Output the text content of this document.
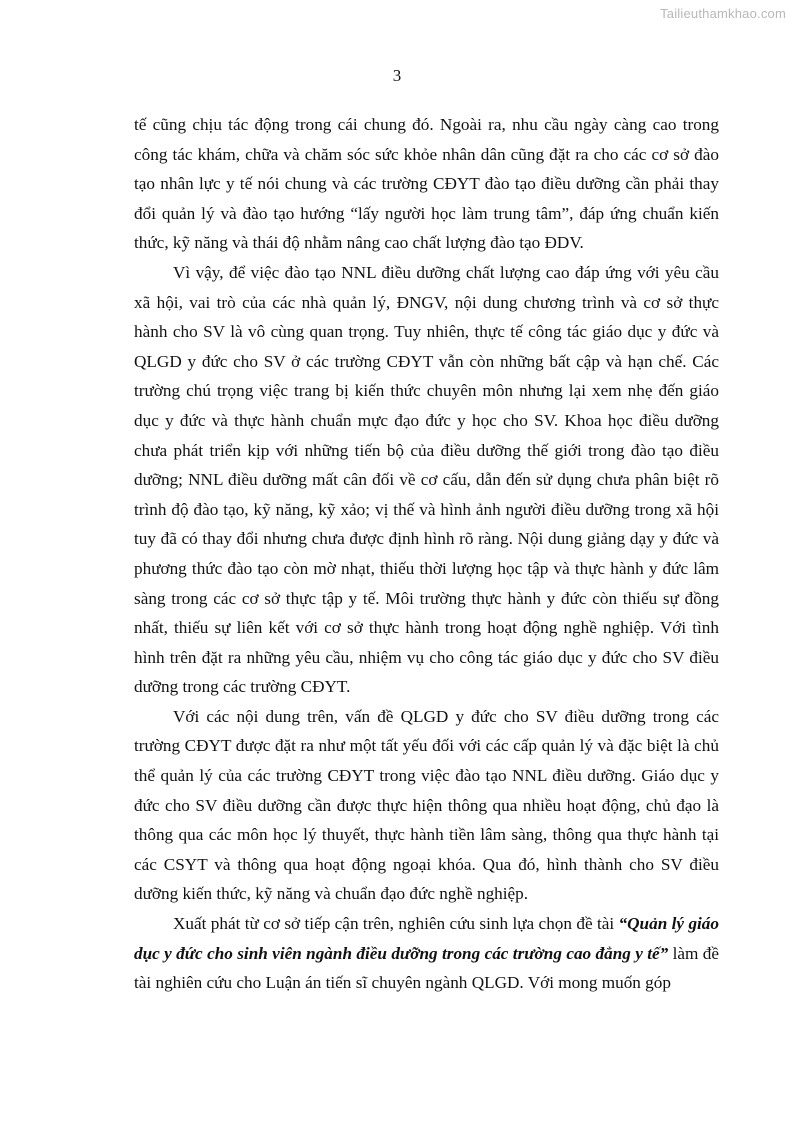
Tailieuthamkhao.com
3

tế cũng chịu tác động trong cái chung đó. Ngoài ra, nhu cầu ngày càng cao trong công tác khám, chữa và chăm sóc sức khỏe nhân dân cũng đặt ra cho các cơ sở đào tạo nhân lực y tế nói chung và các trường CĐYT đào tạo điều dưỡng cần phải thay đổi quản lý và đào tạo hướng “lấy người học làm trung tâm”, đáp ứng chuẩn kiến thức, kỹ năng và thái độ nhằm nâng cao chất lượng đào tạo ĐDV.

Vì vậy, để việc đào tạo NNL điều dưỡng chất lượng cao đáp ứng với yêu cầu xã hội, vai trò của các nhà quản lý, ĐNGV, nội dung chương trình và cơ sở thực hành cho SV là vô cùng quan trọng. Tuy nhiên, thực tế công tác giáo dục y đức và QLGD y đức cho SV ở các trường CĐYT vẫn còn những bất cập và hạn chế. Các trường chú trọng việc trang bị kiến thức chuyên môn nhưng lại xem nhẹ đến giáo dục y đức và thực hành chuẩn mực đạo đức y học cho SV. Khoa học điều dưỡng chưa phát triển kịp với những tiến bộ của điều dưỡng thế giới trong đào tạo điều dưỡng; NNL điều dưỡng mất cân đối về cơ cấu, dẫn đến sử dụng chưa phân biệt rõ trình độ đào tạo, kỹ năng, kỹ xảo; vị thế và hình ảnh người điều dưỡng trong xã hội tuy đã có thay đổi nhưng chưa được định hình rõ ràng. Nội dung giảng dạy y đức và phương thức đào tạo còn mờ nhạt, thiếu thời lượng học tập và thực hành y đức lâm sàng trong các cơ sở thực tập y tế. Môi trường thực hành y đức còn thiếu sự đồng nhất, thiếu sự liên kết với cơ sở thực hành trong hoạt động nghề nghiệp. Với tình hình trên đặt ra những yêu cầu, nhiệm vụ cho công tác giáo dục y đức cho SV điều dưỡng trong các trường CĐYT.

Với các nội dung trên, vấn đề QLGD y đức cho SV điều dưỡng trong các trường CĐYT được đặt ra như một tất yếu đối với các cấp quản lý và đặc biệt là chủ thể quản lý của các trường CĐYT trong việc đào tạo NNL điều dưỡng. Giáo dục y đức cho SV điều dưỡng cần được thực hiện thông qua nhiều hoạt động, chủ đạo là thông qua các môn học lý thuyết, thực hành tiền lâm sàng, thông qua thực hành tại các CSYT và thông qua hoạt động ngoại khóa. Qua đó, hình thành cho SV điều dưỡng kiến thức, kỹ năng và chuẩn đạo đức nghề nghiệp.

Xuất phát từ cơ sở tiếp cận trên, nghiên cứu sinh lựa chọn đề tài “Quản lý giáo dục y đức cho sinh viên ngành điều dưỡng trong các trường cao đẳng y tế” làm đề tài nghiên cứu cho Luận án tiến sĩ chuyên ngành QLGD. Với mong muốn góp
